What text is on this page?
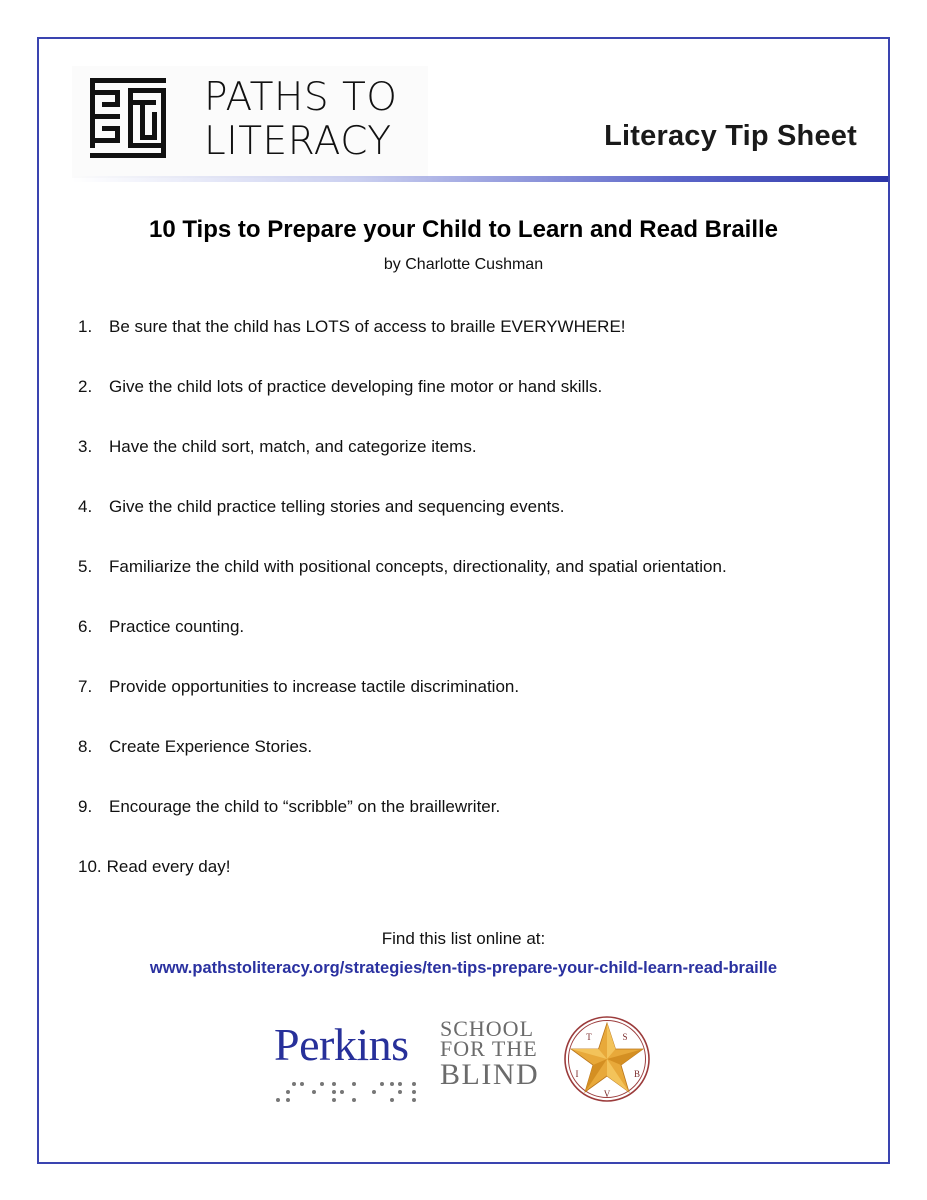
PATHS TO
LITERACY	Literacy Tip Sheet
10 Tips to Prepare your Child to Learn and Read Braille
by Charlotte Cushman
1. Be sure that the child has LOTS of access to braille EVERYWHERE!
2. Give the child lots of practice developing fine motor or hand skills.
3. Have the child sort, match, and categorize items.
4. Give the child practice telling stories and sequencing events.
5. Familiarize the child with positional concepts, directionality, and spatial orientation.
6. Practice counting.
7. Provide opportunities to increase tactile discrimination.
8. Create Experience Stories.
9. Encourage the child to “scribble” on the braillewriter.
10. Read every day!
Find this list online at:
www.pathstoliteracy.org/strategies/ten-tips-prepare-your-child-learn-read-braille
Perkins SCHOOL
FOR THE
BLIND
T	S
I	B
V
